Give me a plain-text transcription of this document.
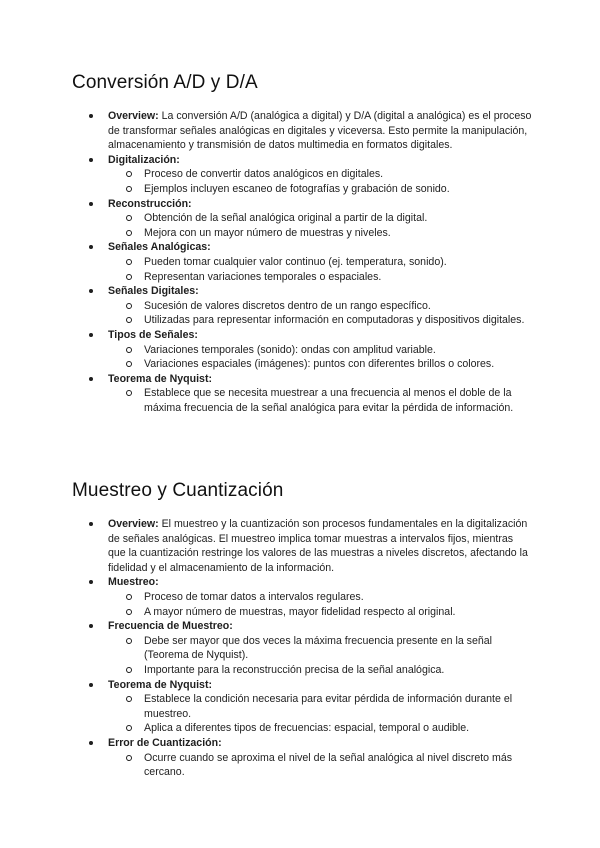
Conversión A/D y D/A
Overview: La conversión A/D (analógica a digital) y D/A (digital a analógica) es el proceso de transformar señales analógicas en digitales y viceversa. Esto permite la manipulación, almacenamiento y transmisión de datos multimedia en formatos digitales.
Digitalización:
Proceso de convertir datos analógicos en digitales.
Ejemplos incluyen escaneo de fotografías y grabación de sonido.
Reconstrucción:
Obtención de la señal analógica original a partir de la digital.
Mejora con un mayor número de muestras y niveles.
Señales Analógicas:
Pueden tomar cualquier valor continuo (ej. temperatura, sonido).
Representan variaciones temporales o espaciales.
Señales Digitales:
Sucesión de valores discretos dentro de un rango específico.
Utilizadas para representar información en computadoras y dispositivos digitales.
Tipos de Señales:
Variaciones temporales (sonido): ondas con amplitud variable.
Variaciones espaciales (imágenes): puntos con diferentes brillos o colores.
Teorema de Nyquist:
Establece que se necesita muestrear a una frecuencia al menos el doble de la máxima frecuencia de la señal analógica para evitar la pérdida de información.
Muestreo y Cuantización
Overview: El muestreo y la cuantización son procesos fundamentales en la digitalización de señales analógicas. El muestreo implica tomar muestras a intervalos fijos, mientras que la cuantización restringe los valores de las muestras a niveles discretos, afectando la fidelidad y el almacenamiento de la información.
Muestreo:
Proceso de tomar datos a intervalos regulares.
A mayor número de muestras, mayor fidelidad respecto al original.
Frecuencia de Muestreo:
Debe ser mayor que dos veces la máxima frecuencia presente en la señal (Teorema de Nyquist).
Importante para la reconstrucción precisa de la señal analógica.
Teorema de Nyquist:
Establece la condición necesaria para evitar pérdida de información durante el muestreo.
Aplica a diferentes tipos de frecuencias: espacial, temporal o audible.
Error de Cuantización:
Ocurre cuando se aproxima el nivel de la señal analógica al nivel discreto más cercano.
